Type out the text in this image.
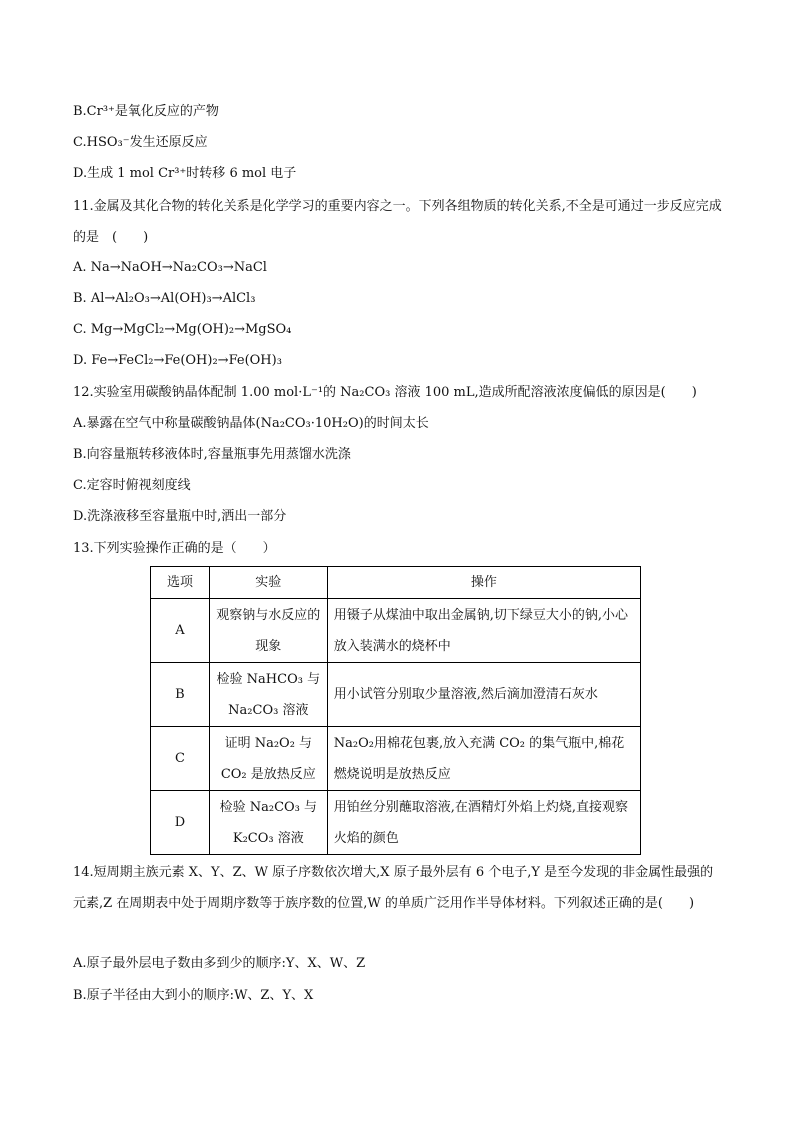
B.Cr³⁺是氧化反应的产物
C.HSO₃⁻发生还原反应
D.生成 1 mol Cr³⁺时转移 6 mol 电子
11.金属及其化合物的转化关系是化学学习的重要内容之一。下列各组物质的转化关系,不全是可通过一步反应完成的是　(　　)
A. Na→NaOH→Na₂CO₃→NaCl
B. Al→Al₂O₃→Al(OH)₃→AlCl₃
C. Mg→MgCl₂→Mg(OH)₂→MgSO₄
D. Fe→FeCl₂→Fe(OH)₂→Fe(OH)₃
12.实验室用碳酸钠晶体配制 1.00 mol·L⁻¹的 Na₂CO₃ 溶液 100 mL,造成所配溶液浓度偏低的原因是(　　)
A.暴露在空气中称量碳酸钠晶体(Na₂CO₃·10H₂O)的时间太长
B.向容量瓶转移液体时,容量瓶事先用蒸馏水洗涤
C.定容时俯视刻度线
D.洗涤液移至容量瓶中时,洒出一部分
13.下列实验操作正确的是（　　）
选项	实验	操作
A	观察钠与水反应的现象	用镊子从煤油中取出金属钠,切下绿豆大小的钠,小心放入装满水的烧杯中
B	检验 NaHCO₃ 与 Na₂CO₃ 溶液	用小试管分别取少量溶液,然后滴加澄清石灰水
C	证明 Na₂O₂ 与 CO₂ 是放热反应	Na₂O₂用棉花包裹,放入充满 CO₂ 的集气瓶中,棉花燃烧说明是放热反应
D	检验 Na₂CO₃ 与 K₂CO₃ 溶液	用铂丝分别蘸取溶液,在酒精灯外焰上灼烧,直接观察火焰的颜色
14.短周期主族元素 X、Y、Z、W 原子序数依次增大,X 原子最外层有 6 个电子,Y 是至今发现的非金属性最强的元素,Z 在周期表中处于周期序数等于族序数的位置,W 的单质广泛用作半导体材料。下列叙述正确的是(　　)
A.原子最外层电子数由多到少的顺序:Y、X、W、Z
B.原子半径由大到小的顺序:W、Z、Y、X
